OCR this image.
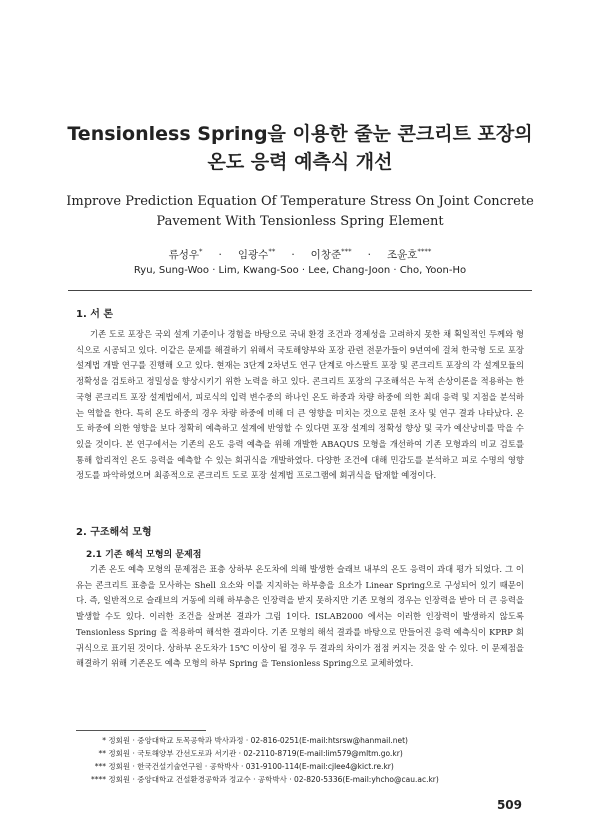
Tensionless Spring을 이용한 줄눈 콘크리트 포장의
온도 응력 예측식 개선
Improve Prediction Equation Of Temperature Stress On Joint Concrete
Pavement With Tensionless Spring Element
류성우* · 임광수** · 이창준*** · 조윤호****
Ryu, Sung-Woo · Lim, Kwang-Soo · Lee, Chang-Joon · Cho, Yoon-Ho
1. 서 론
기존 도로 포장은 국외 설계 기준이나 경험을 바탕으로 국내 환경 조건과 경제성을 고려하지 못한 채 획일적인 두께와 형식으로 시공되고 있다. 이같은 문제를 해결하기 위해서 국토해양부와 포장 관련 전문가들이 9년여에 걸쳐 한국형 도로 포장 설계법 개발 연구를 진행해 오고 있다. 현재는 3단계 2차년도 연구 단계로 아스팔트 포장 및 콘크리트 포장의 각 설계모듈의 정확성을 검토하고 정밀성을 향상시키기 위한 노력을 하고 있다. 콘크리트 포장의 구조해석은 누적 손상이론을 적용하는 한국형 콘크리트 포장 설계법에서, 피로식의 입력 변수중의 하나인 온도 하중과 차량 하중에 의한 최대 응력 및 지점을 분석하는 역할을 한다. 특히 온도 하중의 경우 차량 하중에 비해 더 큰 영향을 미치는 것으로 문헌 조사 및 연구 결과 나타났다. 온도 하중에 의한 영향을 보다 정확히 예측하고 설계에 반영할 수 있다면 포장 설계의 정확성 향상 및 국가 예산낭비를 막을 수 있을 것이다. 본 연구에서는 기존의 온도 응력 예측을 위해 개발한 ABAQUS 모형을 개선하여 기존 모형과의 비교 검토를 통해 합리적인 온도 응력을 예측할 수 있는 회귀식을 개발하였다. 다양한 조건에 대해 민감도를 분석하고 피로 수명의 영향 정도를 파악하였으며 최종적으로 콘크리트 도로 포장 설계법 프로그램에 회귀식을 탑재할 예정이다.
2. 구조해석 모형
2.1 기존 해석 모형의 문제점
기존 온도 예측 모형의 문제점은 표층 상하부 온도차에 의해 발생한 슬래브 내부의 온도 응력이 과대 평가 되었다. 그 이유는 콘크리트 표층을 모사하는 Shell 요소와 이를 지지하는 하부층을 요소가 Linear Spring으로 구성되어 있기 때문이다. 즉, 일반적으로 슬래브의 거동에 의해 하부층은 인장력을 받지 못하지만 기존 모형의 경우는 인장력을 받아 더 큰 응력을 발생할 수도 있다. 이러한 조건을 살펴본 결과가 그림 1이다. ISLAB2000 에서는 이러한 인장력이 발생하지 않도록 Tensionless Spring 을 적용하여 해석한 결과이다. 기존 모형의 해석 결과를 바탕으로 만들어진 응력 예측식이 KPRP 회귀식으로 표기된 것이다. 상하부 온도차가 15℃ 이상이 될 경우 두 결과의 차이가 점점 커지는 것을 알 수 있다. 이 문제점을 해결하기 위해 기존온도 예측 모형의 하부 Spring 을 Tensionless Spring으로 교체하였다.
* 정회원 · 중앙대학교 토목공학과 박사과정 · 02-816-0251(E-mail:htsrsw@hanmail.net)
** 정회원 · 국토해양부 간선도로과 서기관 · 02-2110-8719(E-mail:lim579@mltm.go.kr)
*** 정회원 · 한국건설기술연구원 · 공학박사 · 031-9100-114(E-mail:cjlee4@kict.re.kr)
**** 정회원 · 중앙대학교 건설환경공학과 정교수 · 공학박사 · 02-820-5336(E-mail:yhcho@cau.ac.kr)
509
